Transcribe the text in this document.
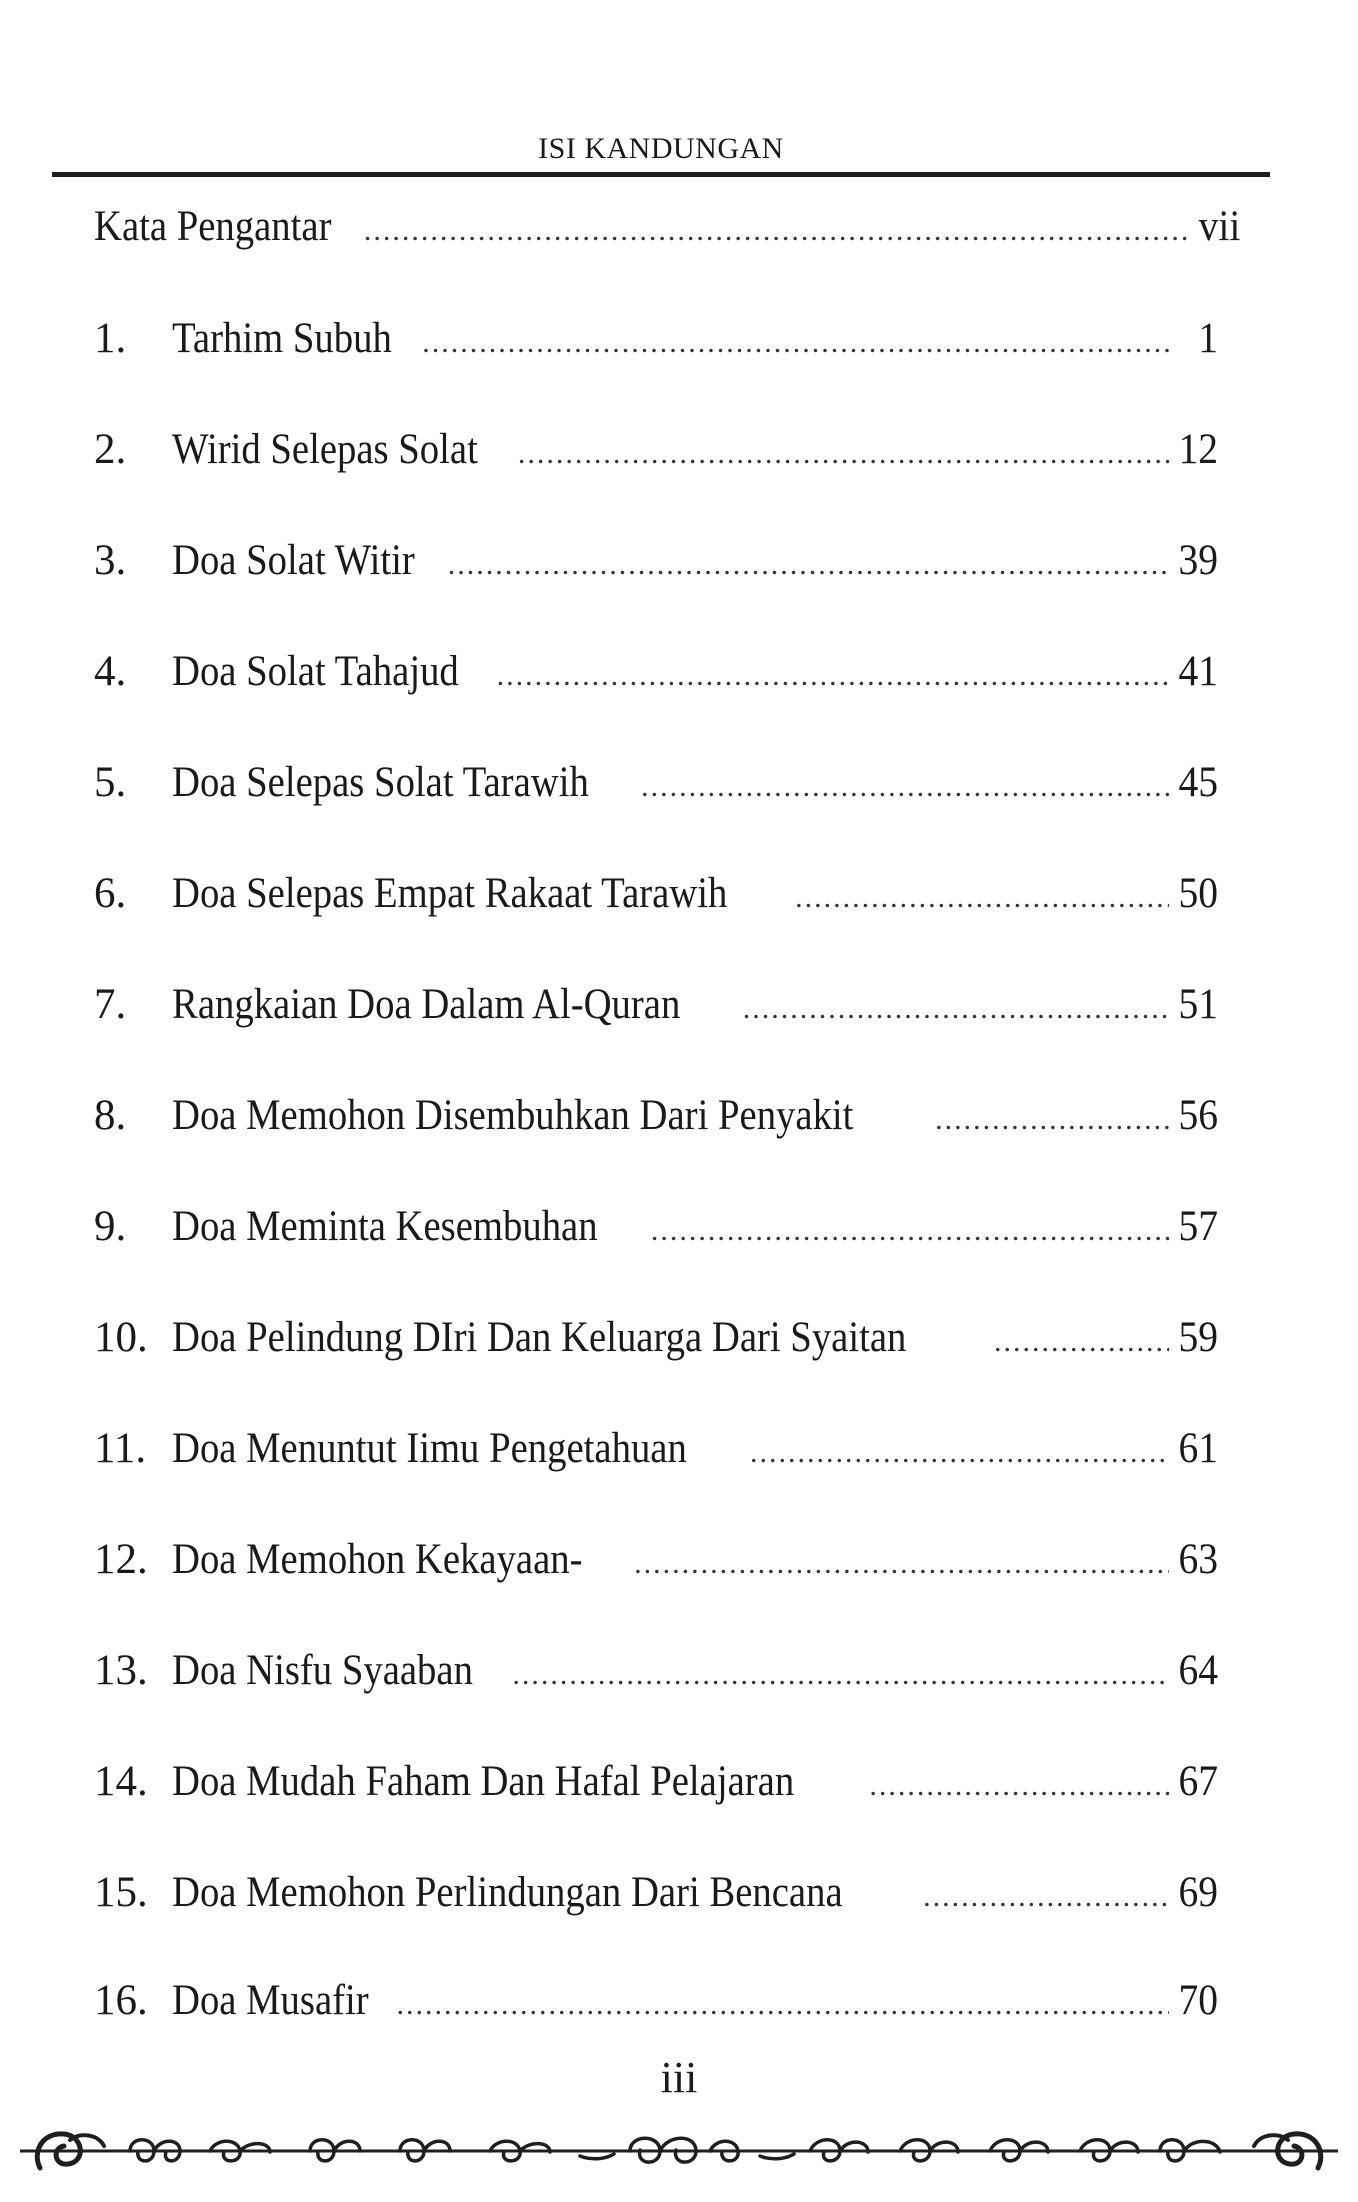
ISI KANDUNGAN
Kata Pengantar .....	vii
1.	Tarhim Subuh .....	1
2.	Wirid Selepas Solat .....	12
3.	Doa Solat Witir .....	39
4.	Doa Solat Tahajud .....	41
5.	Doa Selepas Solat Tarawih .....	45
6.	Doa Selepas Empat Rakaat Tarawih .....	50
7.	Rangkaian Doa Dalam Al-Quran .....	51
8.	Doa Memohon Disembuhkan Dari Penyakit .....	56
9.	Doa Meminta Kesembuhan .....	57
10. Doa Pelindung DIri Dan Keluarga Dari Syaitan .....	59
11. Doa Menuntut Iimu Pengetahuan .....	61
12. Doa Memohon Kekayaan- .....	63
13. Doa Nisfu Syaaban .....	64
14. Doa Mudah Faham Dan Hafal Pelajaran .....	67
15. Doa Memohon Perlindungan Dari Bencana .....	69
16. Doa Musafir .....	70
iii
